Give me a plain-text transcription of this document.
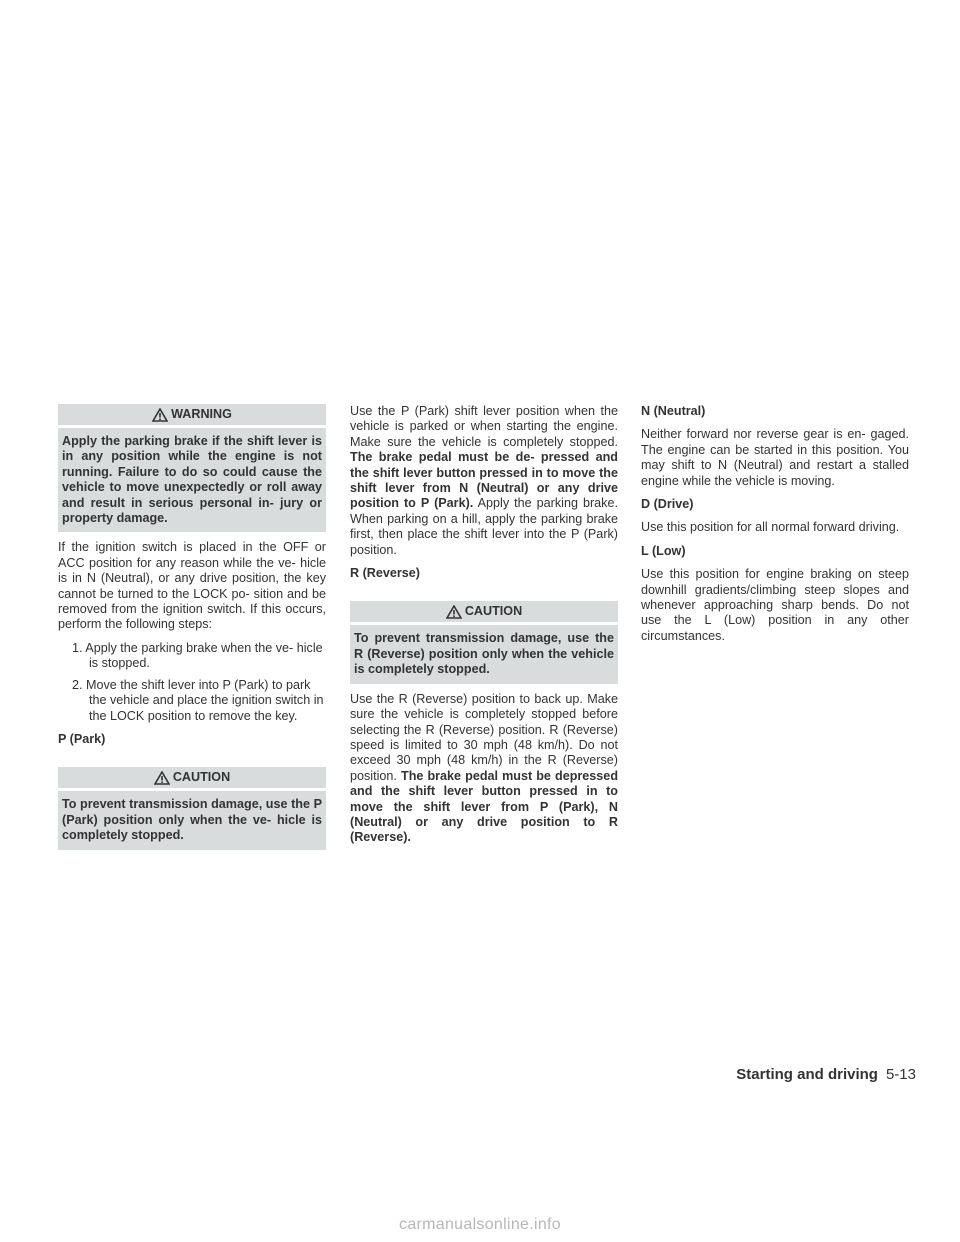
WARNING
Apply the parking brake if the shift lever is in any position while the engine is not running. Failure to do so could cause the vehicle to move unexpectedly or roll away and result in serious personal in- jury or property damage.

If the ignition switch is placed in the OFF or ACC position for any reason while the ve- hicle is in N (Neutral), or any drive position, the key cannot be turned to the LOCK po- sition and be removed from the ignition switch. If this occurs, perform the following steps:

1. Apply the parking brake when the ve- hicle is stopped.
2. Move the shift lever into P (Park) to park the vehicle and place the ignition switch in the LOCK position to remove the key.
P (Park)
CAUTION
To prevent transmission damage, use the P (Park) position only when the ve- hicle is completely stopped.

Use the P (Park) shift lever position when the vehicle is parked or when starting the engine. Make sure the vehicle is completely stopped. The brake pedal must be de- pressed and the shift lever button pressed in to move the shift lever from N (Neutral) or any drive position to P (Park). Apply the parking brake. When parking on a hill, apply the parking brake first, then place the shift lever into the P (Park) position.

R (Reverse)
CAUTION
To prevent transmission damage, use the R (Reverse) position only when the vehicle is completely stopped.

Use the R (Reverse) position to back up. Make sure the vehicle is completely stopped before selecting the R (Reverse) position. R (Reverse) speed is limited to 30 mph (48 km/h). Do not exceed 30 mph (48 km/h) in the R (Reverse) position. The brake pedal must be depressed and the shift lever button pressed in to move the shift lever from P (Park), N (Neutral) or any drive position to R (Reverse).

N (Neutral)

Neither forward nor reverse gear is en- gaged. The engine can be started in this position. You may shift to N (Neutral) and restart a stalled engine while the vehicle is moving.

D (Drive)

Use this position for all normal forward driving.

L (Low)

Use this position for engine braking on steep downhill gradients/climbing steep slopes and whenever approaching sharp bends. Do not use the L (Low) position in any other circumstances.

Starting and driving 5-13
carmanualsonline.info
